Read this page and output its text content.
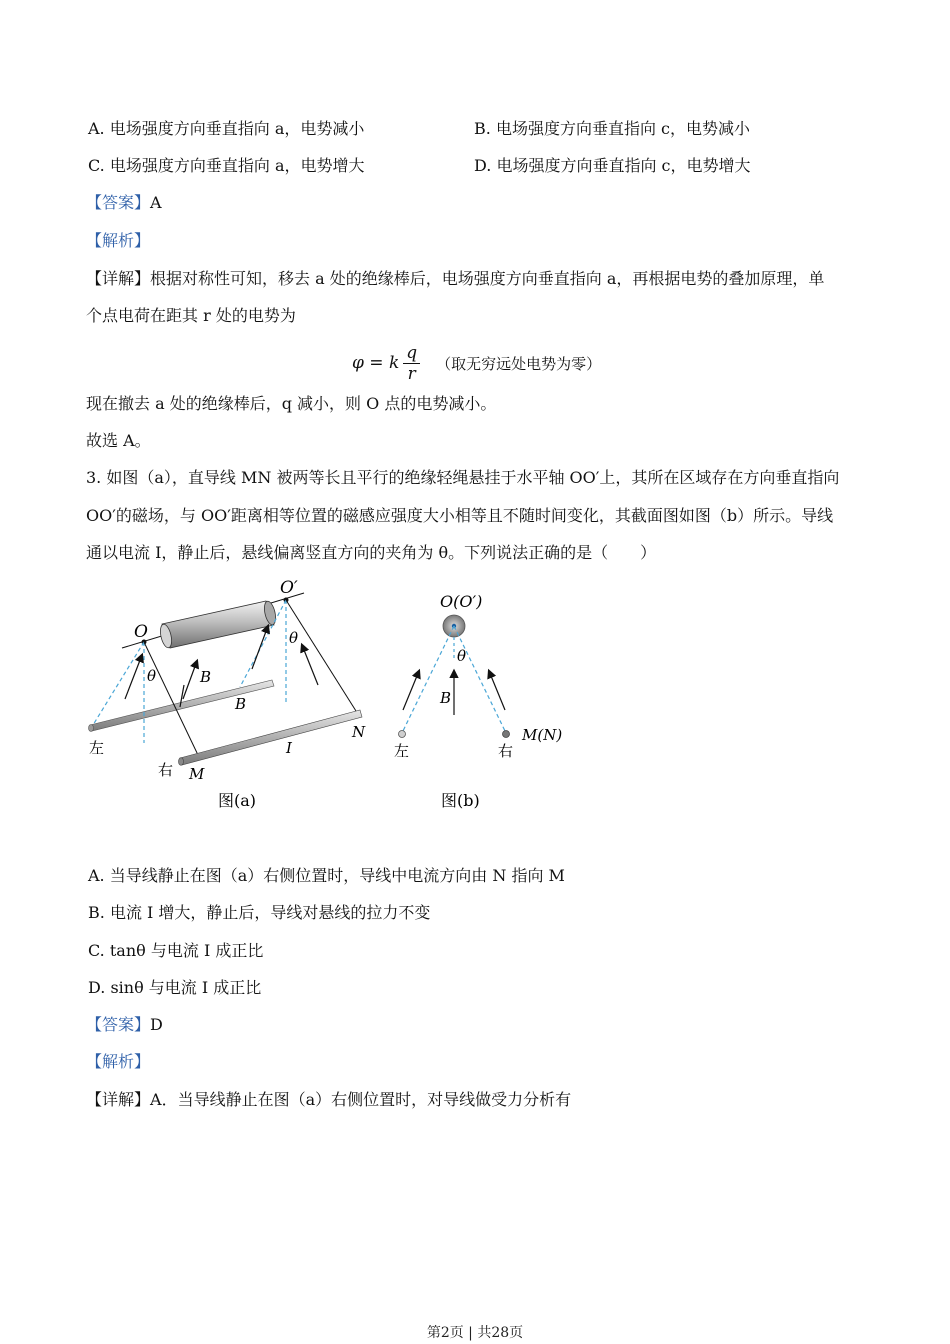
A. 电场强度方向垂直指向 a，电势减小	B. 电场强度方向垂直指向 c，电势减小
C. 电场强度方向垂直指向 a，电势增大	D. 电场强度方向垂直指向 c，电势增大
【答案】A
【解析】
【详解】根据对称性可知，移去 a 处的绝缘棒后，电场强度方向垂直指向 a，再根据电势的叠加原理，单
个点电荷在距其 r 处的电势为
φ = k $\frac{q}{r}$ （取无穷远处电势为零）
现在撤去 a 处的绝缘棒后，q 减小，则 O 点的电势减小。
故选 A。
3. 如图（a），直导线 MN 被两等长且平行的绝缘轻绳悬挂于水平轴 OO′上，其所在区域存在方向垂直指向
OO′的磁场，与 OO′距离相等位置的磁感应强度大小相等且不随时间变化，其截面图如图（b）所示。导线
通以电流 I，静止后，悬线偏离竖直方向的夹角为 θ。下列说法正确的是（　　）
O
O′
θ
θ
B
B
I
M
N
左
右
图(a)
O(O′)
θ
B
左	右
M(N)
图(b)
A. 当导线静止在图（a）右侧位置时，导线中电流方向由 N 指向 M
B. 电流 I 增大，静止后，导线对悬线的拉力不变
C. tanθ 与电流 I 成正比
D. sinθ 与电流 I 成正比
【答案】D
【解析】
【详解】A．当导线静止在图（a）右侧位置时，对导线做受力分析有
第2页 | 共28页
